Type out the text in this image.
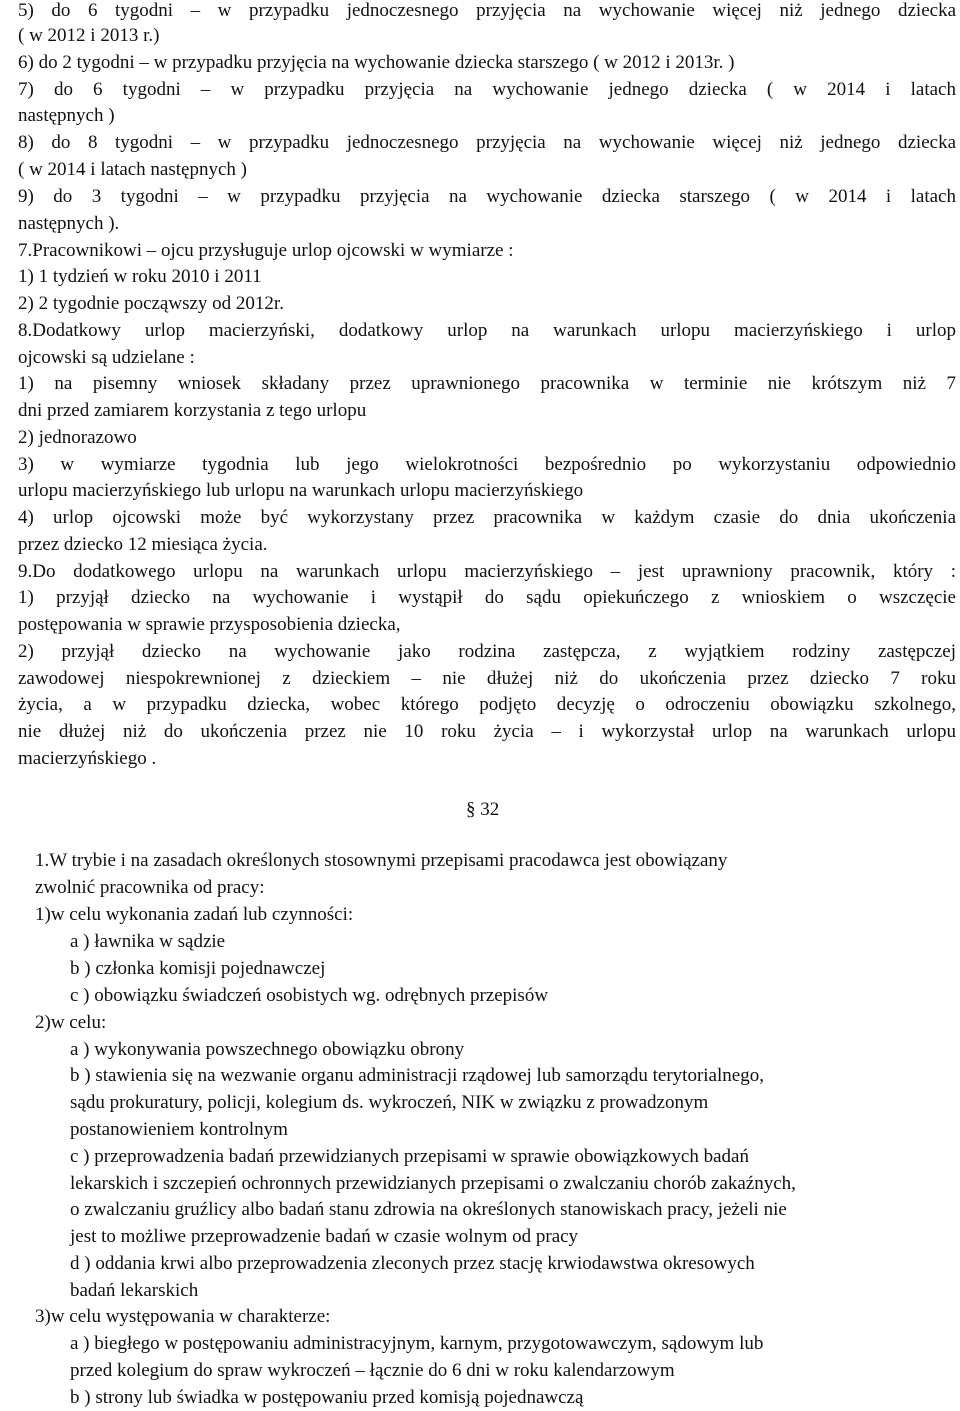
5) do 6 tygodni – w przypadku jednoczesnego przyjęcia na wychowanie więcej niż jednego dziecka
( w 2012 i 2013 r.)
6) do 2 tygodni – w przypadku przyjęcia na wychowanie dziecka starszego ( w 2012 i 2013r. )
7) do 6 tygodni – w przypadku przyjęcia na wychowanie jednego dziecka ( w 2014 i latach
następnych )
8) do 8 tygodni – w przypadku jednoczesnego przyjęcia na wychowanie więcej niż jednego dziecka
( w 2014 i latach następnych )
9) do 3 tygodni – w przypadku przyjęcia na wychowanie dziecka starszego ( w 2014 i latach
następnych ).
7.Pracownikowi – ojcu przysługuje urlop ojcowski w wymiarze :
1) 1 tydzień w roku 2010 i 2011
2) 2 tygodnie począwszy od 2012r.
8.Dodatkowy urlop macierzyński, dodatkowy urlop na warunkach urlopu macierzyńskiego i urlop
ojcowski są udzielane :
1) na pisemny wniosek składany przez uprawnionego pracownika w terminie nie krótszym niż 7
dni przed zamiarem korzystania z tego urlopu
2) jednorazowo
3) w wymiarze tygodnia lub jego wielokrotności bezpośrednio po wykorzystaniu odpowiednio
urlopu macierzyńskiego lub urlopu na warunkach urlopu macierzyńskiego
4) urlop ojcowski może być wykorzystany przez pracownika w każdym czasie do dnia ukończenia
przez dziecko 12 miesiąca życia.
9.Do dodatkowego urlopu na warunkach urlopu macierzyńskiego – jest uprawniony pracownik, który :
1) przyjął dziecko na wychowanie i wystąpił do sądu opiekuńczego z wnioskiem o wszczęcie
postępowania w sprawie przysposobienia dziecka,
2) przyjął dziecko na wychowanie jako rodzina zastępcza, z wyjątkiem rodziny zastępczej
zawodowej niespokrewnionej z dzieckiem – nie dłużej niż do ukończenia przez dziecko 7 roku
życia, a w przypadku dziecka, wobec którego podjęto decyzję o odroczeniu obowiązku szkolnego,
nie dłużej niż do ukończenia przez nie 10 roku życia – i wykorzystał urlop na warunkach urlopu
macierzyńskiego .
§ 32
1.W trybie i na zasadach określonych stosownymi przepisami pracodawca jest obowiązany
zwolnić pracownika od pracy:
1)w celu wykonania zadań lub czynności:
a ) ławnika w sądzie
b ) członka komisji pojednawczej
c ) obowiązku świadczeń osobistych wg. odrębnych przepisów
2)w celu:
a ) wykonywania powszechnego obowiązku obrony
b ) stawienia się na wezwanie organu administracji rządowej lub samorządu terytorialnego,
sądu prokuratury, policji, kolegium ds. wykroczeń, NIK w związku z prowadzonym
postanowieniem kontrolnym
c ) przeprowadzenia badań przewidzianych przepisami w sprawie obowiązkowych badań
lekarskich i szczepień ochronnych przewidzianych przepisami o zwalczaniu chorób zakaźnych,
o zwalczaniu gruźlicy albo badań stanu zdrowia na określonych stanowiskach pracy, jeżeli nie
jest to możliwe przeprowadzenie badań w czasie wolnym od pracy
d ) oddania krwi albo przeprowadzenia zleconych przez stację krwiodawstwa okresowych
badań lekarskich
3)w celu występowania w charakterze:
a ) biegłego w postępowaniu administracyjnym, karnym, przygotowawczym, sądowym lub
przed kolegium do spraw wykroczeń – łącznie do 6 dni w roku kalendarzowym
b ) strony lub świadka w postępowaniu przed komisją pojednawczą
